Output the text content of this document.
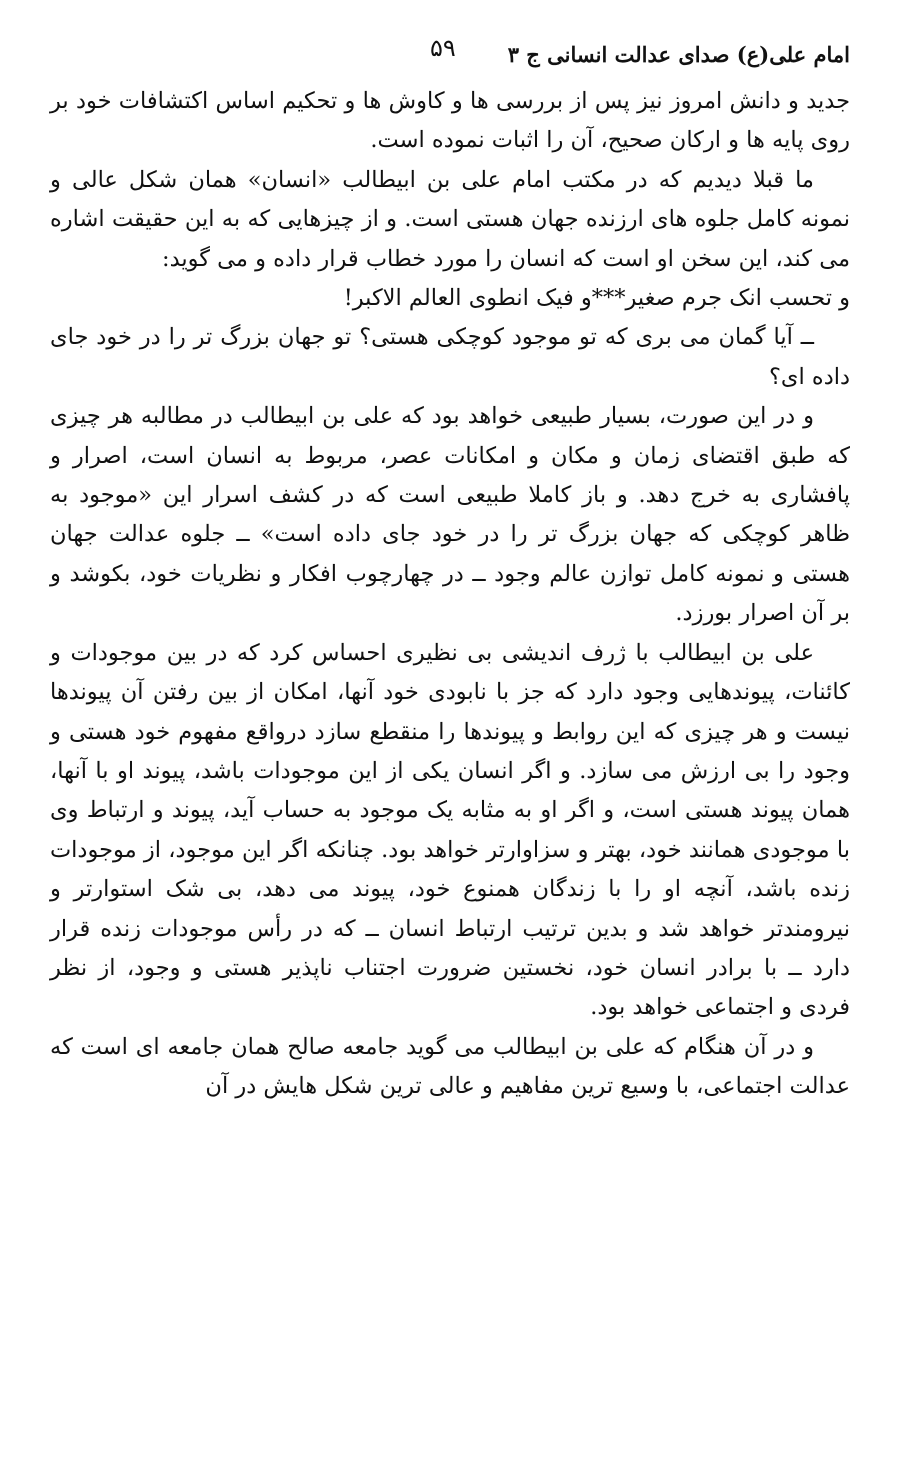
امام علی(ع) صدای عدالت انسانی ج ۳
۵۹

جدید و دانش امروز نیز پس از بررسی ها و کاوش ها و تحکیم اساس اکتشافات خود بر روی پایه ها و ارکان صحیح، آن را اثبات نموده است.

ما قبلا دیدیم که در مکتب امام علی بن ابیطالب «انسان» همان شکل عالی و نمونه کامل جلوه های ارزنده جهان هستی است. و از چیزهایی که به این حقیقت اشاره می کند، این سخن او است که انسان را مورد خطاب قرار داده و می گوید:

و تحسب انک جرم صغیر***و فیک انطوی العالم الاکبر!

ــ آیا گمان می بری که تو موجود کوچکی هستی؟ تو جهان بزرگ تر را در خود جای داده ای؟

و در این صورت، بسیار طبیعی خواهد بود که علی بن ابیطالب در مطالبه هر چیزی که طبق اقتضای زمان و مکان و امکانات عصر، مربوط به انسان است، اصرار و پافشاری به خرج دهد. و باز کاملا طبیعی است که در کشف اسرار این «موجود به ظاهر کوچکی که جهان بزرگ تر را در خود جای داده است» ــ جلوه عدالت جهان هستی و نمونه کامل توازن عالم وجود ــ در چهارچوب افکار و نظریات خود، بکوشد و بر آن اصرار بورزد.

علی بن ابیطالب با ژرف اندیشی بی نظیری احساس کرد که در بین موجودات و کائنات، پیوندهایی وجود دارد که جز با نابودی خود آنها، امکان از بین رفتن آن پیوندها نیست و هر چیزی که این روابط و پیوندها را منقطع سازد درواقع مفهوم خود هستی و وجود را بی ارزش می سازد. و اگر انسان یکی از این موجودات باشد، پیوند او با آنها، همان پیوند هستی است، و اگر او به مثابه یک موجود به حساب آید، پیوند و ارتباط وی با موجودی همانند خود، بهتر و سزاوارتر خواهد بود. چنانکه اگر این موجود، از موجودات زنده باشد، آنچه او را با زندگان همنوع خود، پیوند می دهد، بی شک استوارتر و نیرومندتر خواهد شد و بدین ترتیب ارتباط انسان ــ که در رأس موجودات زنده قرار دارد ــ با برادر انسان خود، نخستین ضرورت اجتناب ناپذیر هستی و وجود، از نظر فردی و اجتماعی خواهد بود.

و در آن هنگام که علی بن ابیطالب می گوید جامعه صالح همان جامعه ای است که عدالت اجتماعی، با وسیع ترین مفاهیم و عالی ترین شکل هایش در آن
